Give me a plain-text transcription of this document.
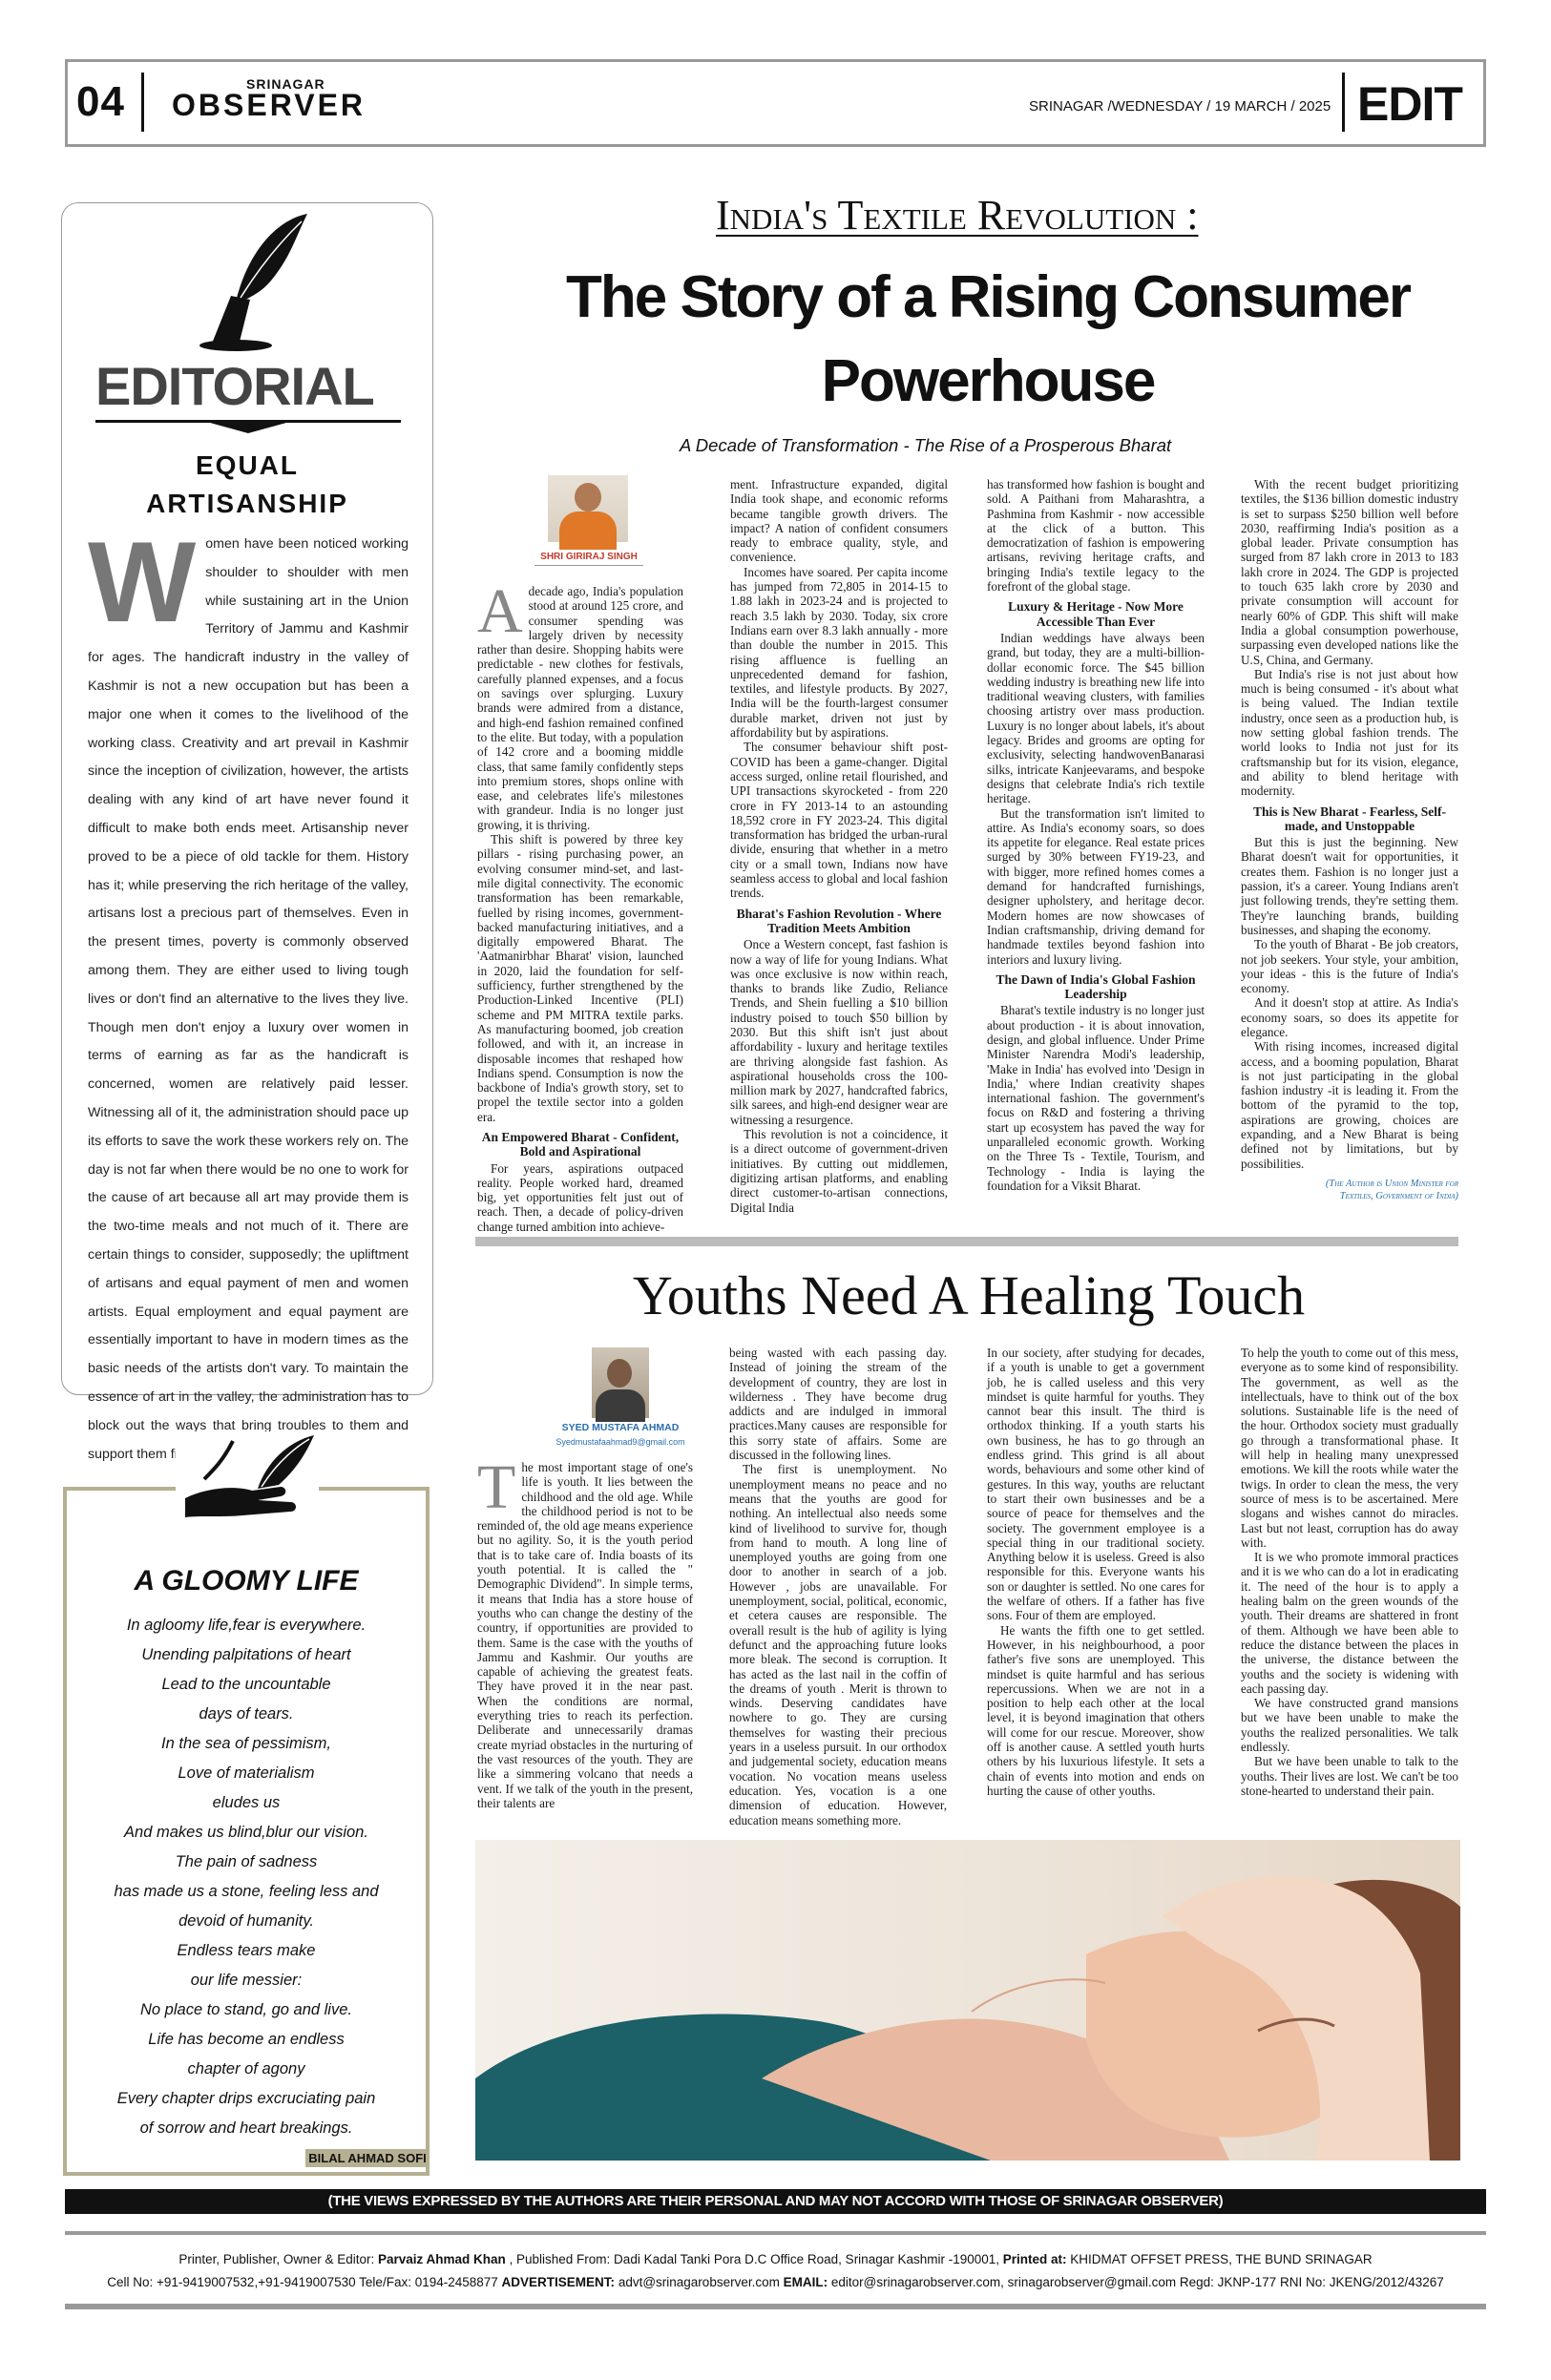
04	SRINAGAR
OBSERVER	SRINAGAR /WEDNESDAY / 19 MARCH / 2025 EDIT
EDITORIAL
EQUAL
ARTISANSHIP
Women have been noticed working shoulder to shoulder with men while sustaining art in the Union Territory of Jammu and Kashmir for ages. The handicraft industry in the valley of Kashmir is not a new occupation but has been a major one when it comes to the livelihood of the working class. Creativity and art prevail in Kashmir since the inception of civilization, however, the artists dealing with any kind of art have never found it difficult to make both ends meet. Artisanship never proved to be a piece of old tackle for them. History has it; while preserving the rich heritage of the valley, artisans lost a precious part of themselves. Even in the present times, poverty is commonly observed among them. They are either used to living tough lives or don't find an alternative to the lives they live. Though men don't enjoy a luxury over women in terms of earning as far as the handicraft is concerned, women are relatively paid lesser. Witnessing all of it, the administration should pace up its efforts to save the work these workers rely on. The day is not far when there would be no one to work for the cause of art because all art may provide them is the two-time meals and not much of it. There are certain things to consider, supposedly; the upliftment of artisans and equal payment of men and women artists. Equal employment and equal payment are essentially important to have in modern times as the basic needs of the artists don't vary. To maintain the essence of art in the valley, the administration has to block out the ways that bring troubles to them and support them financially.
A GLOOMY LIFE

In agloomy life,fear is everywhere.

Unending palpitations of heart

Lead to the uncountable

days of tears.

In the sea of pessimism,

Love of materialism

eludes us

And makes us blind,blur our vision.

The pain of sadness

has made us a stone, feeling less and

devoid of humanity.

Endless tears make

our life messier:

No place to stand, go and live.

Life has become an endless

chapter of agony

Every chapter drips excruciating pain

of sorrow and heart breakings.

BILAL AHMAD SOFI
India's Textile Revolution :
The Story of a Rising Consumer
Powerhouse
A Decade of Transformation - The Rise of a Prosperous Bharat
SHRI GIRIRAJ SINGH
Adecade ago, India's population stood at around 125 crore, and consumer spending was largely driven by necessity rather than desire. Shopping habits were predictable - new clothes for festivals, carefully planned expenses, and a focus on savings over splurging. Luxury brands were admired from a distance, and high-end fashion remained confined to the elite. But today, with a population of 142 crore and a booming middle class, that same family confidently steps into premium stores, shops online with ease, and celebrates life's milestones with grandeur. India is no longer just growing, it is thriving.

This shift is powered by three key pillars - rising purchasing power, an evolving consumer mind-set, and last-mile digital connectivity. The economic transformation has been remarkable, fuelled by rising incomes, government-backed manufacturing initiatives, and a digitally empowered Bharat. The 'Aatmanirbhar Bharat' vision, launched in 2020, laid the foundation for self-sufficiency, further strengthened by the Production-Linked Incentive (PLI) scheme and PM MITRA textile parks. As manufacturing boomed, job creation followed, and with it, an increase in disposable incomes that reshaped how Indians spend. Consumption is now the backbone of India's growth story, set to propel the textile sector into a golden era.

An Empowered Bharat - Confident, Bold and Aspirational

For years, aspirations outpaced reality. People worked hard, dreamed big, yet opportunities felt just out of reach. Then, a decade of policy-driven change turned ambition into achieve-

ment. Infrastructure expanded, digital India took shape, and economic reforms became tangible growth drivers. The impact? A nation of confident consumers ready to embrace quality, style, and convenience.

Incomes have soared. Per capita income has jumped from 72,805 in 2014-15 to 1.88 lakh in 2023-24 and is projected to reach 3.5 lakh by 2030. Today, six crore Indians earn over 8.3 lakh annually - more than double the number in 2015. This rising affluence is fuelling an unprecedented demand for fashion, textiles, and lifestyle products. By 2027, India will be the fourth-largest consumer durable market, driven not just by affordability but by aspirations.

The consumer behaviour shift post-COVID has been a game-changer. Digital access surged, online retail flourished, and UPI transactions skyrocketed - from 220 crore in FY 2013-14 to an astounding 18,592 crore in FY 2023-24. This digital transformation has bridged the urban-rural divide, ensuring that whether in a metro city or a small town, Indians now have seamless access to global and local fashion trends.

Bharat's Fashion Revolution - Where Tradition Meets Ambition

Once a Western concept, fast fashion is now a way of life for young Indians. What was once exclusive is now within reach, thanks to brands like Zudio, Reliance Trends, and Shein fuelling a $10 billion industry poised to touch $50 billion by 2030. But this shift isn't just about affordability - luxury and heritage textiles are thriving alongside fast fashion. As aspirational households cross the 100-million mark by 2027, handcrafted fabrics, silk sarees, and high-end designer wear are witnessing a resurgence.

This revolution is not a coincidence, it is a direct outcome of government-driven initiatives. By cutting out middlemen, digitizing artisan platforms, and enabling direct customer-to-artisan connections, Digital India

has transformed how fashion is bought and sold. A Paithani from Maharashtra, a Pashmina from Kashmir - now accessible at the click of a button. This democratization of fashion is empowering artisans, reviving heritage crafts, and bringing India's textile legacy to the forefront of the global stage.

Luxury & Heritage - Now More Accessible Than Ever

Indian weddings have always been grand, but today, they are a multi-billion-dollar economic force. The $45 billion wedding industry is breathing new life into traditional weaving clusters, with families choosing artistry over mass production. Luxury is no longer about labels, it's about legacy. Brides and grooms are opting for exclusivity, selecting handwovenBanarasi silks, intricate Kanjeevarams, and bespoke designs that celebrate India's rich textile heritage.

But the transformation isn't limited to attire. As India's economy soars, so does its appetite for elegance. Real estate prices surged by 30% between FY19-23, and with bigger, more refined homes comes a demand for handcrafted furnishings, designer upholstery, and heritage decor. Modern homes are now showcases of Indian craftsmanship, driving demand for handmade textiles beyond fashion into interiors and luxury living.

The Dawn of India's Global Fashion Leadership

Bharat's textile industry is no longer just about production - it is about innovation, design, and global influence. Under Prime Minister Narendra Modi's leadership, 'Make in India' has evolved into 'Design in India,' where Indian creativity shapes international fashion. The government's focus on R&D and fostering a thriving start up ecosystem has paved the way for unparalleled economic growth. Working on the Three Ts - Textile, Tourism, and Technology - India is laying the foundation for a Viksit Bharat.

With the recent budget prioritizing textiles, the $136 billion domestic industry is set to surpass $250 billion well before 2030, reaffirming India's position as a global leader. Private consumption has surged from 87 lakh crore in 2013 to 183 lakh crore in 2024. The GDP is projected to touch 635 lakh crore by 2030 and private consumption will account for nearly 60% of GDP. This shift will make India a global consumption powerhouse, surpassing even developed nations like the U.S, China, and Germany.

But India's rise is not just about how much is being consumed - it's about what is being valued. The Indian textile industry, once seen as a production hub, is now setting global fashion trends. The world looks to India not just for its craftsmanship but for its vision, elegance, and ability to blend heritage with modernity.

This is New Bharat - Fearless, Self-made, and Unstoppable

But this is just the beginning. New Bharat doesn't wait for opportunities, it creates them. Fashion is no longer just a passion, it's a career. Young Indians aren't just following trends, they're setting them. They're launching brands, building businesses, and shaping the economy.

To the youth of Bharat - Be job creators, not job seekers. Your style, your ambition, your ideas - this is the future of India's economy.

And it doesn't stop at attire. As India's economy soars, so does its appetite for elegance.

With rising incomes, increased digital access, and a booming population, Bharat is not just participating in the global fashion industry -it is leading it. From the bottom of the pyramid to the top, aspirations are growing, choices are expanding, and a New Bharat is being defined not by limitations, but by possibilities.

(The Author is Union Minister for
Textiles, Government of India)
Youths Need A Healing Touch
SYED MUSTAFA AHMAD
Syedmustafaahmad9@gmail.com
The most important stage of one's life is youth. It lies between the childhood and the old age. While the childhood period is not to be reminded of, the old age means experience but no agility. So, it is the youth period that is to take care of. India boasts of its youth potential. It is called the " Demographic Dividend". In simple terms, it means that India has a store house of youths who can change the destiny of the country, if opportunities are provided to them. Same is the case with the youths of Jammu and Kashmir. Our youths are capable of achieving the greatest feats. They have proved it in the near past. When the conditions are normal, everything tries to reach its perfection. Deliberate and unnecessarily dramas create myriad obstacles in the nurturing of the vast resources of the youth. They are like a simmering volcano that needs a vent. If we talk of the youth in the present, their talents are

being wasted with each passing day. Instead of joining the stream of the development of country, they are lost in wilderness . They have become drug addicts and are indulged in immoral practices.Many causes are responsible for this sorry state of affairs. Some are discussed in the following lines.

The first is unemployment. No unemployment means no peace and no means that the youths are good for nothing. An intellectual also needs some kind of livelihood to survive for, though from hand to mouth. A long line of unemployed youths are going from one door to another in search of a job. However , jobs are unavailable. For unemployment, social, political, economic, et cetera causes are responsible. The overall result is the hub of agility is lying defunct and the approaching future looks more bleak. The second is corruption. It has acted as the last nail in the coffin of the dreams of youth . Merit is thrown to winds. Deserving candidates have nowhere to go. They are cursing themselves for wasting their precious years in a useless pursuit. In our orthodox and judgemental society, education means vocation. No vocation means useless education. Yes, vocation is a one dimension of education. However, education means something more.

In our society, after studying for decades, if a youth is unable to get a government job, he is called useless and this very mindset is quite harmful for youths. They cannot bear this insult. The third is orthodox thinking. If a youth starts his own business, he has to go through an endless grind. This grind is all about words, behaviours and some other kind of gestures. In this way, youths are reluctant to start their own businesses and be a source of peace for themselves and the society. The government employee is a special thing in our traditional society. Anything below it is useless. Greed is also responsible for this. Everyone wants his son or daughter is settled. No one cares for the welfare of others. If a father has five sons. Four of them are employed.

He wants the fifth one to get settled. However, in his neighbourhood, a poor father's five sons are unemployed. This mindset is quite harmful and has serious repercussions. When we are not in a position to help each other at the local level, it is beyond imagination that others will come for our rescue. Moreover, show off is another cause. A settled youth hurts others by his luxurious lifestyle. It sets a chain of events into motion and ends on hurting the cause of other youths.

To help the youth to come out of this mess, everyone as to some kind of responsibility. The government, as well as the intellectuals, have to think out of the box solutions. Sustainable life is the need of the hour. Orthodox society must gradually go through a transformational phase. It will help in healing many unexpressed emotions. We kill the roots while water the twigs. In order to clean the mess, the very source of mess is to be ascertained. Mere slogans and wishes cannot do miracles. Last but not least, corruption has do away with.

It is we who promote immoral practices and it is we who can do a lot in eradicating it. The need of the hour is to apply a healing balm on the green wounds of the youth. Their dreams are shattered in front of them. Although we have been able to reduce the distance between the places in the universe, the distance between the youths and the society is widening with each passing day.

We have constructed grand mansions but we have been unable to make the youths the realized personalities. We talk endlessly.

But we have been unable to talk to the youths. Their lives are lost. We can't be too stone-hearted to understand their pain.

(THE VIEWS EXPRESSED BY THE AUTHORS ARE THEIR PERSONAL AND MAY NOT ACCORD WITH THOSE OF SRINAGAR OBSERVER)
Printer, Publisher, Owner & Editor: Parvaiz Ahmad Khan , Published From: Dadi Kadal Tanki Pora D.C Office Road, Srinagar Kashmir -190001, Printed at: KHIDMAT OFFSET PRESS, THE BUND SRINAGAR
Cell No: +91-9419007532,+91-9419007530 Tele/Fax: 0194-2458877 ADVERTISEMENT: advt@srinagarobserver.com EMAIL: editor@srinagarobserver.com, srinagarobserver@gmail.com Regd: JKNP-177 RNI No: JKENG/2012/43267
